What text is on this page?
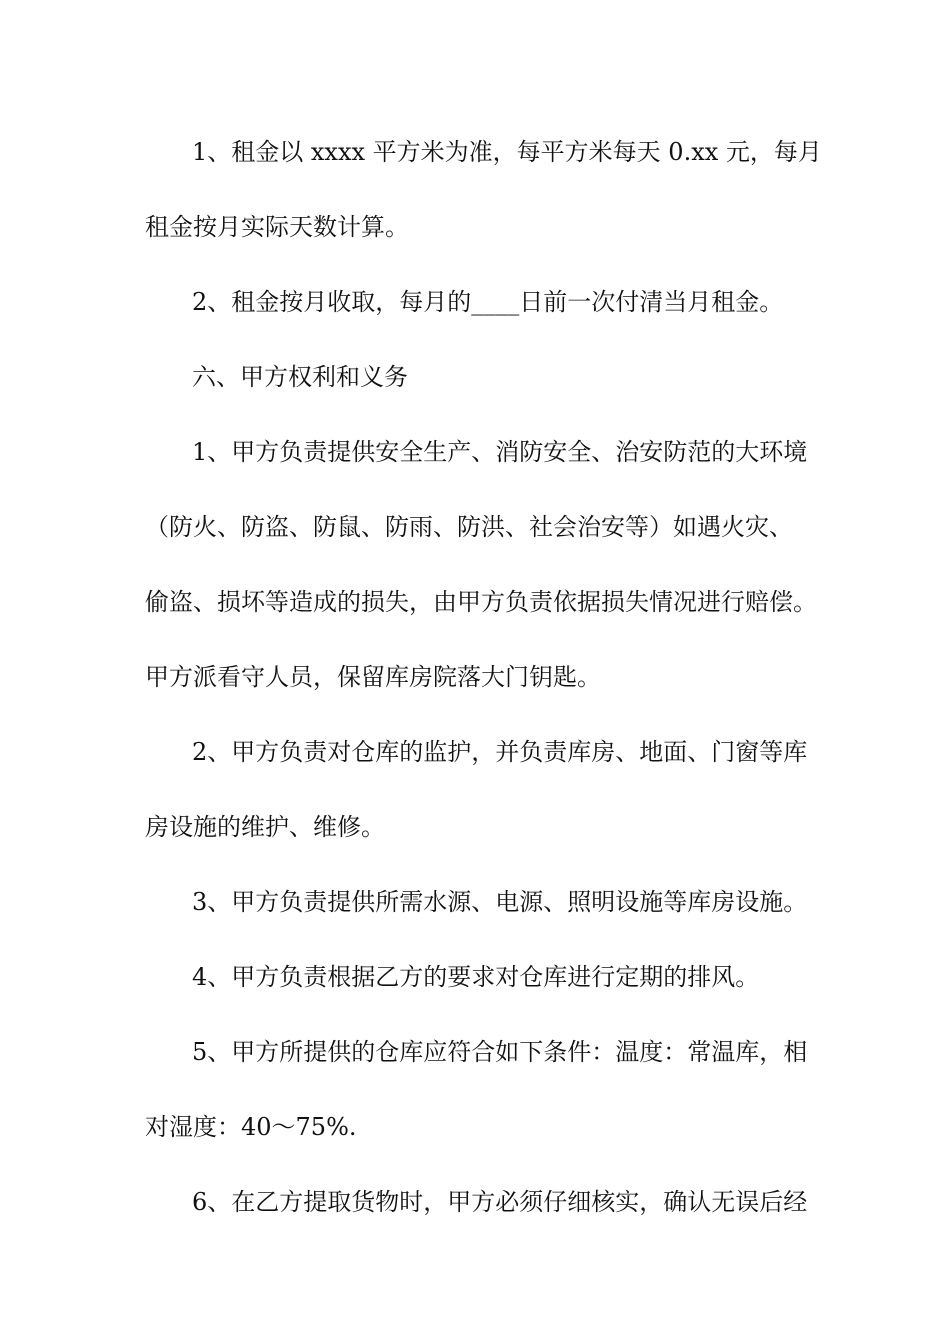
1、租金以 xxxx 平方米为准，每平方米每天 0.xx 元，每月
租金按月实际天数计算。
2、租金按月收取，每月的____日前一次付清当月租金。
六、甲方权利和义务
1、甲方负责提供安全生产、消防安全、治安防范的大环境
（防火、防盗、防鼠、防雨、防洪、社会治安等）如遇火灾、
偷盗、损坏等造成的损失，由甲方负责依据损失情况进行赔偿。
甲方派看守人员，保留库房院落大门钥匙。
2、甲方负责对仓库的监护，并负责库房、地面、门窗等库
房设施的维护、维修。
3、甲方负责提供所需水源、电源、照明设施等库房设施。
4、甲方负责根据乙方的要求对仓库进行定期的排风。
5、甲方所提供的仓库应符合如下条件：温度：常温库，相
对湿度：40～75%.
6、在乙方提取货物时，甲方必须仔细核实，确认无误后经
